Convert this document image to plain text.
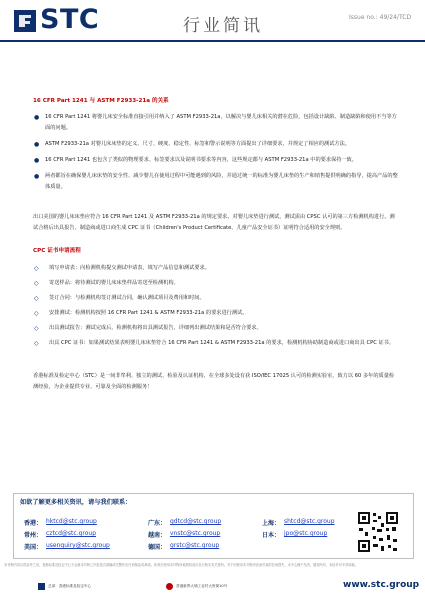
STC	行业简讯	Issue no.: 49/24/TCD
16 CFR Part 1241 与 ASTM F2933-21a 的关系
● 16 CFR Part 1241 将婴儿床安全标准直接引用并纳入了 ASTM F2933-21a，以解决与婴儿床相关的潜在危险，包括设计缺陷、制造缺陷和使用不当等方面的问题。
● ASTM F2933-21a 对婴儿床床垫的定义、尺寸、硬度、稳定性、标签和警示说明等方面提出了详细要求，并规定了相应的测试方法。
● 16 CFR Part 1241 也包含了类似的物理要求、标签要求以及说明书要求等内容，这些规定都与 ASTM F2933-21a 中的要求保持一致。
● 两者都旨在确保婴儿床床垫的安全性、减少婴儿在使用过程中可能遇到的风险，并通过统一的标准为婴儿床垫的生产和销售提供明确的指导，提高产品的整体质量。

出口美国的婴儿床床垫应符合 16 CFR Part 1241 及 ASTM F2933-21a 的规定要求。对婴儿床垫进行测试，测试需由 CPSC 认可的第三方检测机构进行。测试合格后出具报告，制造商或进口商生成 CPC 证书（Children's Product Certificate，儿童产品安全证书）证明符合适用的安全规则。

CPC 证书申请流程
◇ 填写申请表：向检测机构提交测试申请表，填写产品信息和测试要求。
◇ 寄送样品：将待测试的婴儿床床垫样品寄送至检测机构。
◇ 签订合同：与检测机构签订测试合同，确认测试项目及费用和时间。
◇ 安排测试：检测机构按照 16 CFR Part 1241 & ASTM F2933-21a 的要求进行测试。
◇ 出具测试报告：测试完成后，检测机构将出具测试报告，详细列出测试结果和是否符合要求。
◇ 出具 CPC 证书：如果测试结果表明婴儿床床垫符合 16 CFR Part 1241 & ASTM F2933-21a 的要求，检测机构协助制造商或进口商出具 CPC 证书。

香港标准及检定中心（STC）是一间非牟利、独立的测试、检验及认证机构，在全球多处设有获 ISO/IEC 17025 认可的检测实验室，致力以 60 多年的质量检测经验，为企业提供专业、可靠及全面的检测服务！

如欲了解更多相关资讯，请与我们联系：
香港： hktcd@stc.group	广东： gdtcd@stc.group	上海： shtcd@stc.group
常州： cztcd@stc.group	越南： vnstc@stc.group	日本： jpo@stc.group
美国： usenquiry@stc.group	德国： grstc@stc.group
本刊物内容仅供参考之用，香港标准及检定中心不会就本刊物之内容是否准确或完整作出任何保证或承诺。读者在使用本刊物所载资料前应自行核实有关资料。对于因使用本刊物内容而引致的任何损失，本中心概不负责。版权所有，未经许可不得转载。
总部：香港标准及检定中心	香港新界大埔工业村大贵街10号	www.stc.group
